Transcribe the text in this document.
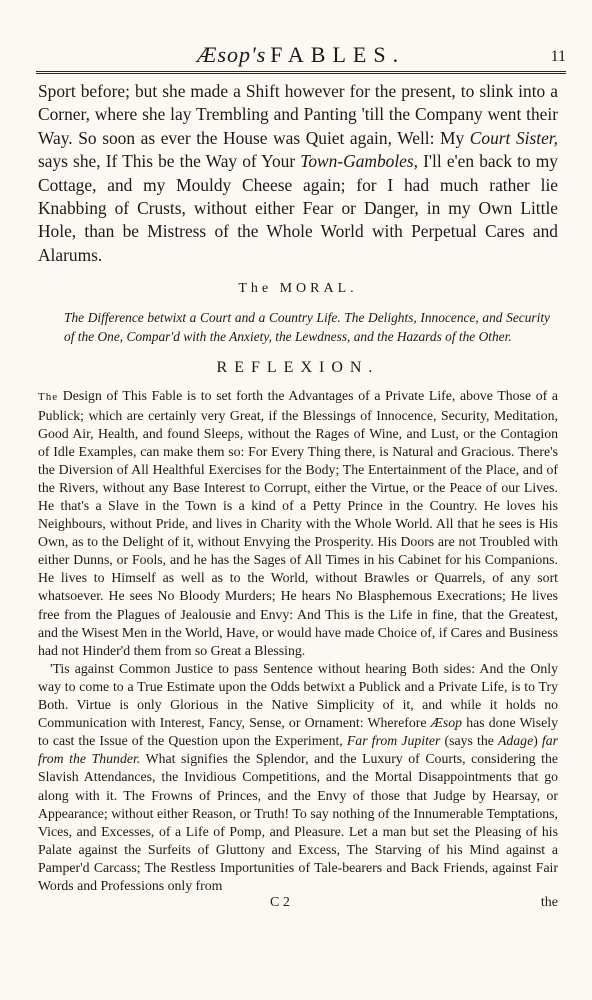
Æsop's FABLES.	11

Sport before; but she made a Shift however for the present, to slink into a Corner, where she lay Trembling and Panting 'till the Company went their Way. So soon as ever the House was Quiet again, Well: My Court Sister, says she, If This be the Way of Your Town-Gamboles, I'll e'en back to my Cottage, and my Mouldy Cheese again; for I had much rather lie Knabbing of Crusts, without either Fear or Danger, in my Own Little Hole, than be Mistress of the Whole World with Perpetual Cares and Alarums.

The MORAL.

The Difference betwixt a Court and a Country Life. The Delights, Innocence, and Security of the One, Compar'd with the Anxiety, the Lewdness, and the Hazards of the Other.

REFLEXION.

The Design of This Fable is to set forth the Advantages of a Private Life, above Those of a Publick; which are certainly very Great, if the Blessings of Innocence, Security, Meditation, Good Air, Health, and found Sleeps, without the Rages of Wine, and Lust, or the Contagion of Idle Examples, can make them so: For Every Thing there, is Natural and Gracious. There's the Diversion of All Healthful Exercises for the Body; The Entertainment of the Place, and of the Rivers, without any Base Interest to Corrupt, either the Virtue, or the Peace of our Lives. He that's a Slave in the Town is a kind of a Petty Prince in the Country. He loves his Neighbours, without Pride, and lives in Charity with the Whole World. All that he sees is His Own, as to the Delight of it, without Envying the Prosperity. His Doors are not Troubled with either Dunns, or Fools, and he has the Sages of All Times in his Cabinet for his Companions. He lives to Himself as well as to the World, without Brawles or Quarrels, of any sort whatsoever. He sees No Bloody Murders; He hears No Blasphemous Execrations; He lives free from the Plagues of Jealousie and Envy: And This is the Life in fine, that the Greatest, and the Wisest Men in the World, Have, or would have made Choice of, if Cares and Business had not Hinder'd them from so Great a Blessing.

'Tis against Common Justice to pass Sentence without hearing Both sides: And the Only way to come to a True Estimate upon the Odds betwixt a Publick and a Private Life, is to Try Both. Virtue is only Glorious in the Native Simplicity of it, and while it holds no Communication with Interest, Fancy, Sense, or Ornament: Wherefore Æsop has done Wisely to cast the Issue of the Question upon the Experiment, Far from Jupiter (says the Adage) far from the Thunder. What signifies the Splendor, and the Luxury of Courts, considering the Slavish Attendances, the Invidious Competitions, and the Mortal Disappointments that go along with it. The Frowns of Princes, and the Envy of those that Judge by Hearsay, or Appearance; without either Reason, or Truth! To say nothing of the Innumerable Temptations, Vices, and Excesses, of a Life of Pomp, and Pleasure. Let a man but set the Pleasing of his Palate against the Surfeits of Gluttony and Excess, The Starving of his Mind against a Pamper'd Carcass; The Restless Importunities of Tale-bearers and Back Friends, against Fair Words and Professions only from

C 2	the
